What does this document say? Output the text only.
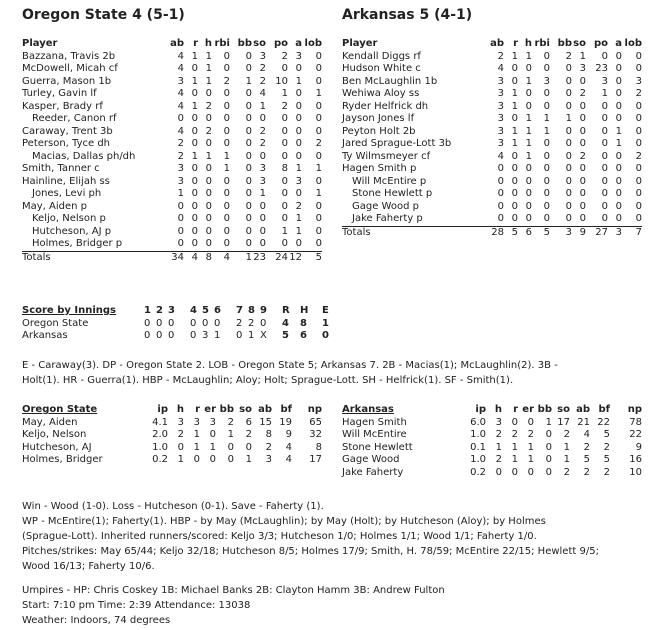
Oregon State 4 (5-1)	Arkansas 5 (4-1)
Player	ab	r	h	rbi	bb	so	po	a	lob
Bazzana, Travis 2b	4	1	1	0	0	3	2	3	0
McDowell, Micah cf	4	0	1	0	0	2	0	0	0
Guerra, Mason 1b	3	1	1	2	1	2	10	1	0
Turley, Gavin lf	4	0	0	0	0	4	1	0	1
Kasper, Brady rf	4	1	2	0	0	1	2	0	0
Reeder, Canon rf	0	0	0	0	0	0	0	0	0
Caraway, Trent 3b	4	0	2	0	0	2	0	0	0
Peterson, Tyce dh	2	0	0	0	0	2	0	0	2
Macias, Dallas ph/dh	2	1	1	1	0	0	0	0	0
Smith, Tanner c	3	0	0	1	0	3	8	1	1
Hainline, Elijah ss	3	0	0	0	0	3	0	3	0
Jones, Levi ph	1	0	0	0	0	1	0	0	1
May, Aiden p	0	0	0	0	0	0	0	2	0
Keljo, Nelson p	0	0	0	0	0	0	0	1	0
Hutcheson, AJ p	0	0	0	0	0	0	1	1	0
Holmes, Bridger p	0	0	0	0	0	0	0	0	0
Totals	34	4	8	4	1	23	24	12	5
Player	ab	r	h	rbi	bb	so	po	a	lob
Kendall Diggs rf	2	1	1	0	2	1	0	0	0
Hudson White c	4	0	0	0	0	3	23	0	0
Ben McLaughlin 1b	3	0	1	3	0	0	3	0	3
Wehiwa Aloy ss	3	1	0	0	0	2	1	0	2
Ryder Helfrick dh	3	1	0	0	0	0	0	0	0
Jayson Jones lf	3	0	1	1	1	0	0	0	0
Peyton Holt 2b	3	1	1	1	0	0	0	1	0
Jared Sprague-Lott 3b	3	1	1	0	0	0	0	1	0
Ty Wilmsmeyer cf	4	0	1	0	0	2	0	0	2
Hagen Smith p	0	0	0	0	0	0	0	0	0
Will McEntire p	0	0	0	0	0	0	0	0	0
Stone Hewlett p	0	0	0	0	0	0	0	0	0
Gage Wood p	0	0	0	0	0	0	0	0	0
Jake Faherty p	0	0	0	0	0	0	0	0	0
Totals	28	5	6	5	3	9	27	3	7
Score by Innings	1	2	3	4	5	6	7	8	9	R	H	E
Oregon State	0	0	0	0	0	0	2	2	0	4	8	1
Arkansas	0	0	0	0	3	1	0	1	X	5	6	0
E - Caraway(3). DP - Oregon State 2. LOB - Oregon State 5; Arkansas 7. 2B - Macias(1); McLaughlin(2). 3B -
Holt(1). HR - Guerra(1). HBP - McLaughlin; Aloy; Holt; Sprague-Lott. SH - Helfrick(1). SF - Smith(1).
Oregon State	ip	h	r	er	bb	so	ab	bf	np
May, Aiden	4.1	3	3	3	2	6	15	19	65
Keljo, Nelson	2.0	2	1	0	1	2	8	9	32
Hutcheson, AJ	1.0	0	1	1	0	0	2	4	8
Holmes, Bridger	0.2	1	0	0	0	1	3	4	17
Arkansas	ip	h	r	er	bb	so	ab	bf	np
Hagen Smith	6.0	3	0	0	1	17	21	22	78
Will McEntire	1.0	2	2	2	0	2	4	5	22
Stone Hewlett	0.1	1	1	1	0	1	2	2	9
Gage Wood	1.0	2	1	1	0	1	5	5	16
Jake Faherty	0.2	0	0	0	0	2	2	2	10
Win - Wood (1-0). Loss - Hutcheson (0-1). Save - Faherty (1).
WP - McEntire(1); Faherty(1). HBP - by May (McLaughlin); by May (Holt); by Hutcheson (Aloy); by Holmes
(Sprague-Lott). Inherited runners/scored: Keljo 3/3; Hutcheson 1/0; Holmes 1/1; Wood 1/1; Faherty 1/0.
Pitches/strikes: May 65/44; Keljo 32/18; Hutcheson 8/5; Holmes 17/9; Smith, H. 78/59; McEntire 22/15; Hewlett 9/5;
Wood 16/13; Faherty 10/6.
Umpires - HP: Chris Coskey 1B: Michael Banks 2B: Clayton Hamm 3B: Andrew Fulton
Start: 7:10 pm Time: 2:39 Attendance: 13038
Weather: Indoors, 74 degrees
